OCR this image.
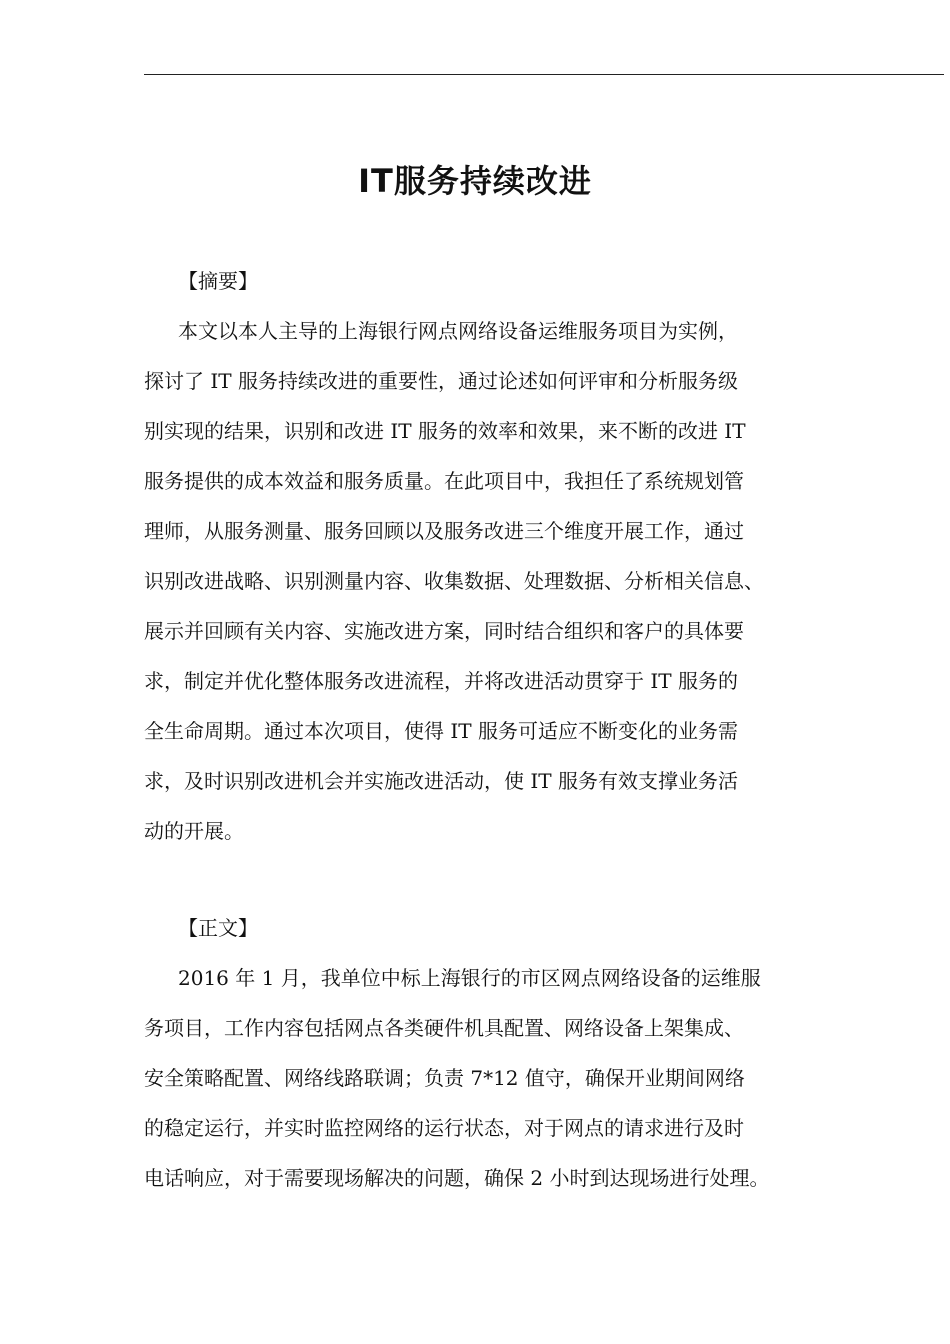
IT服务持续改进
【摘要】
本文以本人主导的上海银行网点网络设备运维服务项目为实例，
探讨了 IT 服务持续改进的重要性，通过论述如何评审和分析服务级
别实现的结果，识别和改进 IT 服务的效率和效果，来不断的改进 IT
服务提供的成本效益和服务质量。在此项目中，我担任了系统规划管
理师，从服务测量、服务回顾以及服务改进三个维度开展工作，通过
识别改进战略、识别测量内容、收集数据、处理数据、分析相关信息、
展示并回顾有关内容、实施改进方案，同时结合组织和客户的具体要
求，制定并优化整体服务改进流程，并将改进活动贯穿于 IT 服务的
全生命周期。通过本次项目，使得 IT 服务可适应不断变化的业务需
求，及时识别改进机会并实施改进活动，使 IT 服务有效支撑业务活
动的开展。
【正文】
2016 年 1 月，我单位中标上海银行的市区网点网络设备的运维服
务项目，工作内容包括网点各类硬件机具配置、网络设备上架集成、
安全策略配置、网络线路联调；负责 7*12 值守，确保开业期间网络
的稳定运行，并实时监控网络的运行状态，对于网点的请求进行及时
电话响应，对于需要现场解决的问题，确保 2 小时到达现场进行处理。
